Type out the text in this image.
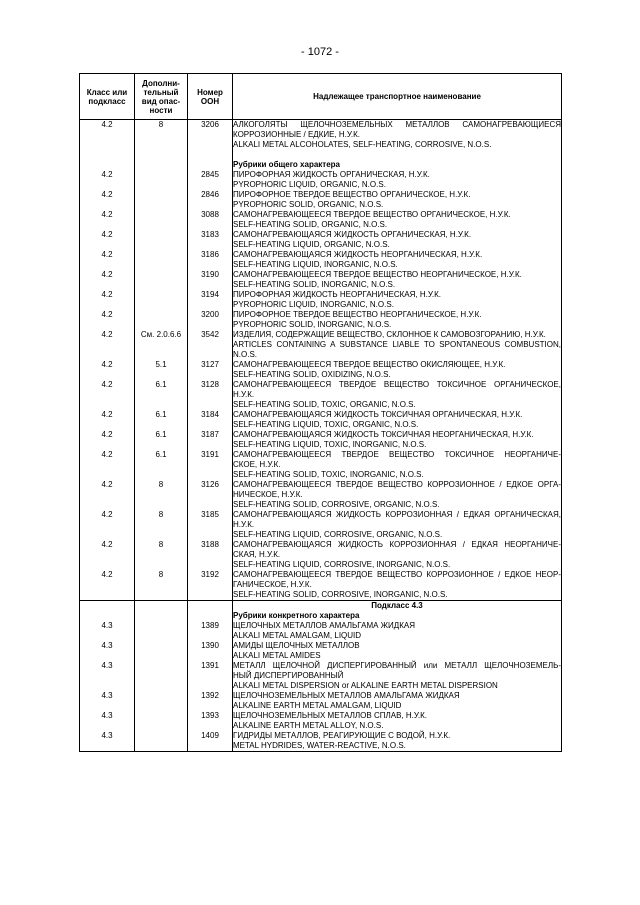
- 1072 -
Класс или подкласс	Дополни-тельный вид опас-ности	Номер ООН	Надлежащее транспортное наименование
4.2	8	3206	АЛКОГОЛЯТЫ ЩЕЛОЧНОЗЕМЕЛЬНЫХ МЕТАЛЛОВ САМОНАГРЕВАЮЩИЕСЯ
КОРРОЗИОННЫЕ / ЕДКИЕ, Н.У.К.
ALKALI METAL ALCOHOLATES, SELF-HEATING, CORROSIVE, N.O.S.

			Рубрики общего характера
4.2		2845	ПИРОФОРНАЯ ЖИДКОСТЬ ОРГАНИЧЕСКАЯ, Н.У.К.
PYROPHORIC LIQUID, ORGANIC, N.O.S.

4.2		2846	ПИРОФОРНОЕ ТВЕРДОЕ ВЕЩЕСТВО ОРГАНИЧЕСКОЕ, Н.У.К.
PYROPHORIC SOLID, ORGANIC, N.O.S.

4.2		3088	САМОНАГРЕВАЮЩЕЕСЯ ТВЕРДОЕ ВЕЩЕСТВО ОРГАНИЧЕСКОЕ, Н.У.К.
SELF-HEATING SOLID, ORGANIC, N.O.S.

4.2		3183	САМОНАГРЕВАЮЩАЯСЯ ЖИДКОСТЬ ОРГАНИЧЕСКАЯ, Н.У.К.
SELF-HEATING LIQUID, ORGANIC, N.O.S.

4.2		3186	САМОНАГРЕВАЮЩАЯСЯ ЖИДКОСТЬ НЕОРГАНИЧЕСКАЯ, Н.У.К.
SELF-HEATING LIQUID, INORGANIC, N.O.S.

4.2		3190	САМОНАГРЕВАЮЩЕЕСЯ ТВЕРДОЕ ВЕЩЕСТВО НЕОРГАНИЧЕСКОЕ, Н.У.К.
SELF-HEATING SOLID, INORGANIC, N.O.S.

4.2		3194	ПИРОФОРНАЯ ЖИДКОСТЬ НЕОРГАНИЧЕСКАЯ, Н.У.К.
PYROPHORIC LIQUID, INORGANIC, N.O.S.

4.2		3200	ПИРОФОРНОЕ ТВЕРДОЕ ВЕЩЕСТВО НЕОРГАНИЧЕСКОЕ, Н.У.К.
PYROPHORIC SOLID, INORGANIC, N.O.S.

4.2	См. 2.0.6.6	3542	ИЗДЕЛИЯ, СОДЕРЖАЩИЕ ВЕЩЕСТВО, СКЛОННОЕ К САМОВОЗГОРАНИЮ, Н.У.К.
ARTICLES CONTAINING A SUBSTANCE LIABLE TO SPONTANEOUS COMBUSTION,
N.O.S.

4.2	5.1	3127	САМОНАГРЕВАЮЩЕЕСЯ ТВЕРДОЕ ВЕЩЕСТВО ОКИСЛЯЮЩЕЕ, Н.У.К.
SELF-HEATING SOLID, OXIDIZING, N.O.S.

4.2	6.1	3128	САМОНАГРЕВАЮЩЕЕСЯ ТВЕРДОЕ ВЕЩЕСТВО ТОКСИЧНОЕ ОРГАНИЧЕСКОЕ,
Н.У.К.
SELF-HEATING SOLID, TOXIC, ORGANIC, N.O.S.

4.2	6.1	3184	САМОНАГРЕВАЮЩАЯСЯ ЖИДКОСТЬ ТОКСИЧНАЯ ОРГАНИЧЕСКАЯ, Н.У.К.
SELF-HEATING LIQUID, TOXIC, ORGANIC, N.O.S.

4.2	6.1	3187	САМОНАГРЕВАЮЩАЯСЯ ЖИДКОСТЬ ТОКСИЧНАЯ НЕОРГАНИЧЕСКАЯ, Н.У.К.
SELF-HEATING LIQUID, TOXIC, INORGANIC, N.O.S.

4.2	6.1	3191	САМОНАГРЕВАЮЩЕЕСЯ ТВЕРДОЕ ВЕЩЕСТВО ТОКСИЧНОЕ НЕОРГАНИЧЕ-
СКОЕ, Н.У.К.
SELF-HEATING SOLID, TOXIC, INORGANIC, N.O.S.

4.2	8	3126	САМОНАГРЕВАЮЩЕЕСЯ ТВЕРДОЕ ВЕЩЕСТВО КОРРОЗИОННОЕ / ЕДКОЕ ОРГА-
НИЧЕСКОЕ, Н.У.К.
SELF-HEATING SOLID, CORROSIVE, ORGANIC, N.O.S.

4.2	8	3185	САМОНАГРЕВАЮЩАЯСЯ ЖИДКОСТЬ КОРРОЗИОННАЯ / ЕДКАЯ ОРГАНИЧЕСКАЯ,
Н.У.К.
SELF-HEATING LIQUID, CORROSIVE, ORGANIC, N.O.S.

4.2	8	3188	САМОНАГРЕВАЮЩАЯСЯ ЖИДКОСТЬ КОРРОЗИОННАЯ / ЕДКАЯ НЕОРГАНИЧЕ-
СКАЯ, Н.У.К.
SELF-HEATING LIQUID, CORROSIVE, INORGANIC, N.O.S.

4.2	8	3192	САМОНАГРЕВАЮЩЕЕСЯ ТВЕРДОЕ ВЕЩЕСТВО КОРРОЗИОННОЕ / ЕДКОЕ НЕОР-
ГАНИЧЕСКОЕ, Н.У.К.
SELF-HEATING SOLID, CORROSIVE, INORGANIC, N.O.S.

			Подкласс 4.3
			Рубрики конкретного характера
4.3		1389	ЩЕЛОЧНЫХ МЕТАЛЛОВ АМАЛЬГАМА ЖИДКАЯ
ALKALI METAL AMALGAM, LIQUID

4.3		1390	АМИДЫ ЩЕЛОЧНЫХ МЕТАЛЛОВ
ALKALI METAL AMIDES

4.3		1391	МЕТАЛЛ ЩЕЛОЧНОЙ ДИСПЕРГИРОВАННЫЙ или МЕТАЛЛ ЩЕЛОЧНОЗЕМЕЛЬ-
НЫЙ ДИСПЕРГИРОВАННЫЙ
ALKALI METAL DISPERSION or ALKALINE EARTH METAL DISPERSION

4.3		1392	ЩЕЛОЧНОЗЕМЕЛЬНЫХ МЕТАЛЛОВ АМАЛЬГАМА ЖИДКАЯ
ALKALINE EARTH METAL AMALGAM, LIQUID

4.3		1393	ЩЕЛОЧНОЗЕМЕЛЬНЫХ МЕТАЛЛОВ СПЛАВ, Н.У.К.
ALKALINE EARTH METAL ALLOY, N.O.S.

4.3		1409	ГИДРИДЫ МЕТАЛЛОВ, РЕАГИРУЮЩИЕ С ВОДОЙ, Н.У.К.
METAL HYDRIDES, WATER-REACTIVE, N.O.S.
